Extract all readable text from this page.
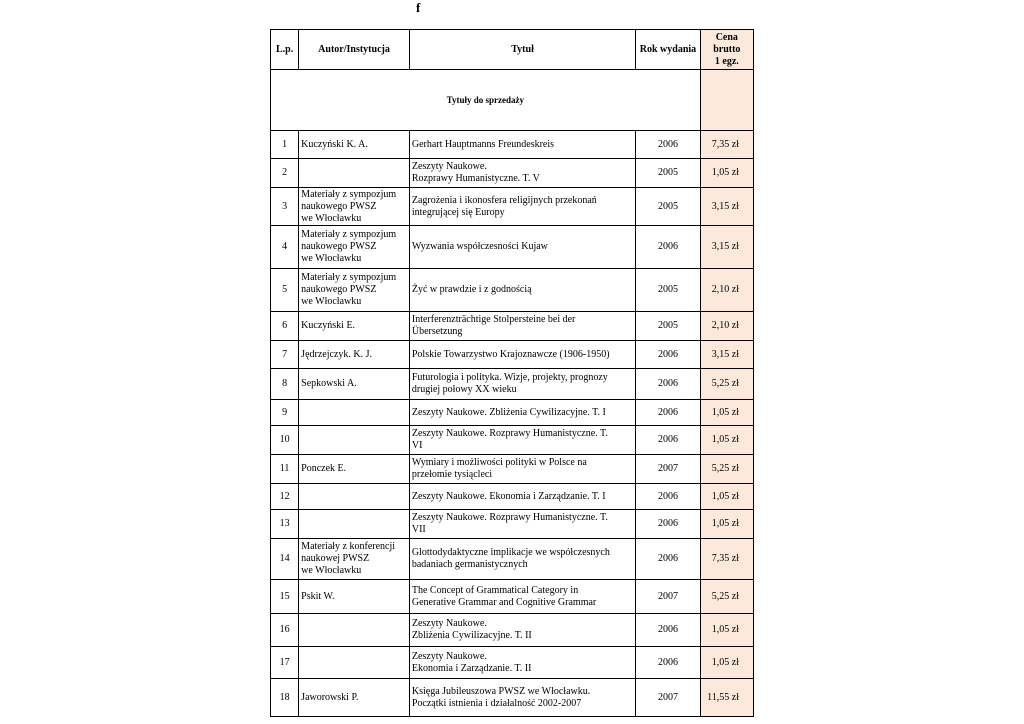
f
L.p.	Autor/Instytucja	Tytuł	Rok wydania	Cena brutto
1 egz.

Tytuły do sprzedaży				
1	Kuczyński K. A.	Gerhart Hauptmanns Freundeskreis	2006	7,35 zł
2		Zeszyty Naukowe.
Rozprawy Humanistyczne. T. V	2005	1,05 zł
3	Materiały z sympozjum
naukowego PWSZ
we Włocławku	Zagrożenia i ikonosfera religijnych przekonań
integrującej się Europy	2005	3,15 zł
4	Materiały z sympozjum
naukowego PWSZ
we Włocławku	Wyzwania współczesności Kujaw	2006	3,15 zł
5	Materiały z sympozjum
naukowego PWSZ
we Włocławku	Żyć w prawdzie i z godnością	2005	2,10 zł
6	Kuczyński E.	Interferenzträchtige Stolpersteine bei der
Übersetzung	2005	2,10 zł
7	Jędrzejczyk. K. J.	Polskie Towarzystwo Krajoznawcze (1906-1950)	2006	3,15 zł
8	Sepkowski A.	Futurologia i polityka. Wizje, projekty, prognozy
drugiej połowy XX wieku	2006	5,25 zł
9		Zeszyty Naukowe. Zbliżenia Cywilizacyjne. T. I	2006	1,05 zł
10		Zeszyty Naukowe. Rozprawy Humanistyczne. T.
VI	2006	1,05 zł
11	Ponczek E.	Wymiary i możliwości polityki w Polsce na
przełomie tysiącleci	2007	5,25 zł
12		Zeszyty Naukowe. Ekonomia i Zarządzanie. T. I	2006	1,05 zł
13		Zeszyty Naukowe. Rozprawy Humanistyczne. T.
VII	2006	1,05 zł
14	Materiały z konferencji
naukowej PWSZ
we Włocławku	Glottodydaktyczne implikacje we współczesnych
badaniach germanistycznych	2006	7,35 zł
15	Pskit W.	The Concept of Grammatical Category in
Generative Grammar and Cognitive Grammar	2007	5,25 zł
16		Zeszyty Naukowe.
Zbliżenia Cywilizacyjne. T. II	2006	1,05 zł
17		Zeszyty Naukowe.
Ekonomia i Zarządzanie. T. II	2006	1,05 zł
18	Jaworowski P.	Księga Jubileuszowa PWSZ we Włocławku.
Początki istnienia i działalność 2002-2007	2007	11,55 zł
